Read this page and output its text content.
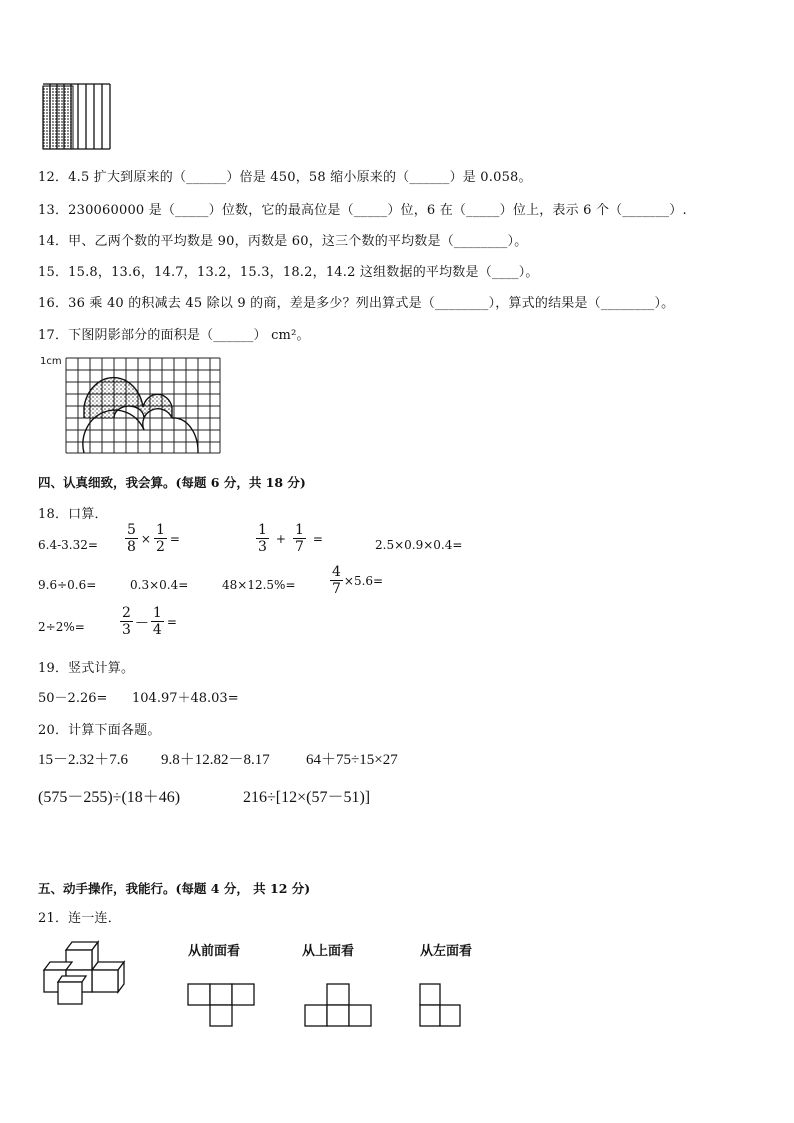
12．4.5 扩大到原来的（______）倍是 450，58 缩小原来的（______）是 0.058。
13．230060000 是（_____）位数，它的最高位是（_____）位，6 在（_____）位上，表示 6 个（_______）.
14．甲、乙两个数的平均数是 90，丙数是 60，这三个数的平均数是（________）。
15．15.8，13.6，14.7，13.2，15.3，18.2，14.2 这组数据的平均数是（____）。
16．36 乘 40 的积减去 45 除以 9 的商，差是多少？列出算式是（________），算式的结果是（________）。
17．下图阴影部分的面积是（______） cm²。
1cm
四、认真细致，我会算。(每题 6 分，共 18 分)
18．口算．
$6.4-3.32= \frac{5}{8} \times \frac{1}{2}$ =	$\frac{1}{3} + \frac{1}{7}$ =	2.5×0.9×0.4=
9.6÷0.6=	0.3×0.4=	$48\times 12.5\%= \frac{4}{7} \times 5.6=$
2÷2%=	$\frac{2}{3}$ — $\frac{1}{4}$ =
19．竖式计算。
50－2.26= 104.97＋48.03=
20．计算下面各题。
15－2.32＋7.6 9.8＋12.82－8.17 64＋75÷15×27
(575－255)÷(18＋46)	216÷[12×(57－51)]
五、动手操作，我能行。(每题 4 分， 共 12 分)
21．连一连．
从前面看	从上面看	从左面看
